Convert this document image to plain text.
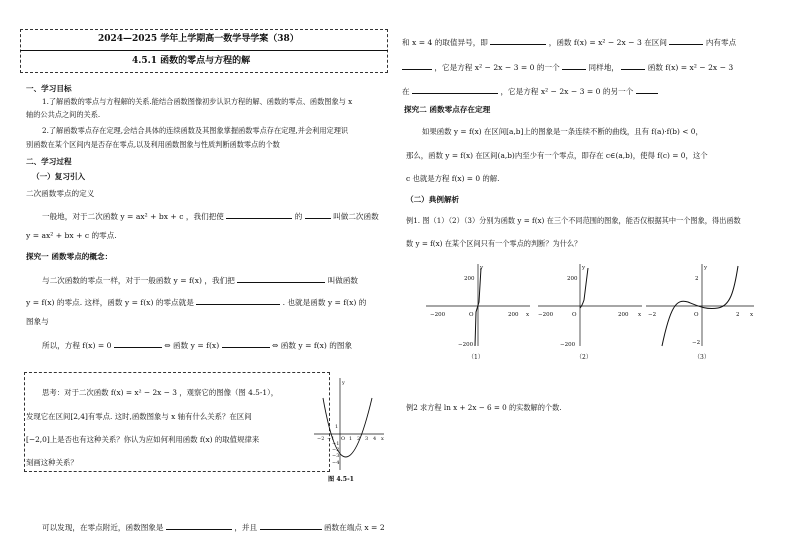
2024—2025 学年上学期高一数学导学案（38）
4.5.1 函数的零点与方程的解
一、学习目标
1.了解函数的零点与方程解的关系.能结合函数图像初步认识方程的解、函数的零点、函数图象与 x
轴的公共点之间的关系.
2.了解函数零点存在定理,会结合具体的连续函数及其图象掌握函数零点存在定理,并会利用定理识
别函数在某个区间内是否存在零点,以及利用函数图象与性质判断函数零点的个数
二、学习过程
（一）复习引入
二次函数零点的定义
一般地，对于二次函数 y = ax² + bx + c ，我们把使	的	叫做二次函数
y = ax² + bx + c 的零点.
探究一 函数零点的概念：
与二次函数的零点一样，对于一般函数 y = f(x) ，我们把	叫做函数
y = f(x) 的零点. 这样，函数 y = f(x) 的零点就是	. 也就是函数 y = f(x) 的
图象与
所以，方程 f(x) = 0	⇔ 函数 y = f(x)	⇔ 函数 y = f(x) 的图象
思考：对于二次函数 f(x) = x² − 2x − 3 ，观察它的图像（图 4.5-1），
发现它在区间[2,4]有零点. 这时,函数图象与 x 轴有什么关系？在区间
[−2,0]上是否也有这种关系？你认为应如何利用函数 f(x) 的取值规律来
刻画这种关系？
y
−2 −1 O 1 2 3 4 x
1
−1
−2
−3
−4
图 4.5-1
可以发现，在零点附近，函数图象是	，并且	函数在端点 x = 2
和 x = 4 的取值异号，即	，函数 f(x) = x² − 2x − 3 在区间	内有零点
，它是方程 x² − 2x − 3 = 0 的一个	同样地，	函数 f(x) = x² − 2x − 3
在	，它是方程 x² − 2x − 3 = 0 的另一个
探究二 函数零点存在定理
如果函数 y = f(x) 在区间[a,b]上的图象是一条连续不断的曲线，且有 f(a)·f(b) < 0，
那么，函数 y = f(x) 在区间(a,b)内至少有一个零点，即存在 c∈(a,b)，使得 f(c) = 0，这个
c 也就是方程 f(x) = 0 的解.
（二）典例解析
例1. 图（1）（2）（3）分别为函数 y = f(x) 在三个不同范围的图象，能否仅根据其中一个图象，得出函数
数 y = f(x) 在某个区间只有一个零点的判断？为什么？
y
200
−200	O	200 x
−200
（1）
y
200
−200	O	200 x
−200
（2）
y
2
−2	O	2 x
−2
（3）
例2 求方程 ln x + 2x − 6 = 0 的实数解的个数.
